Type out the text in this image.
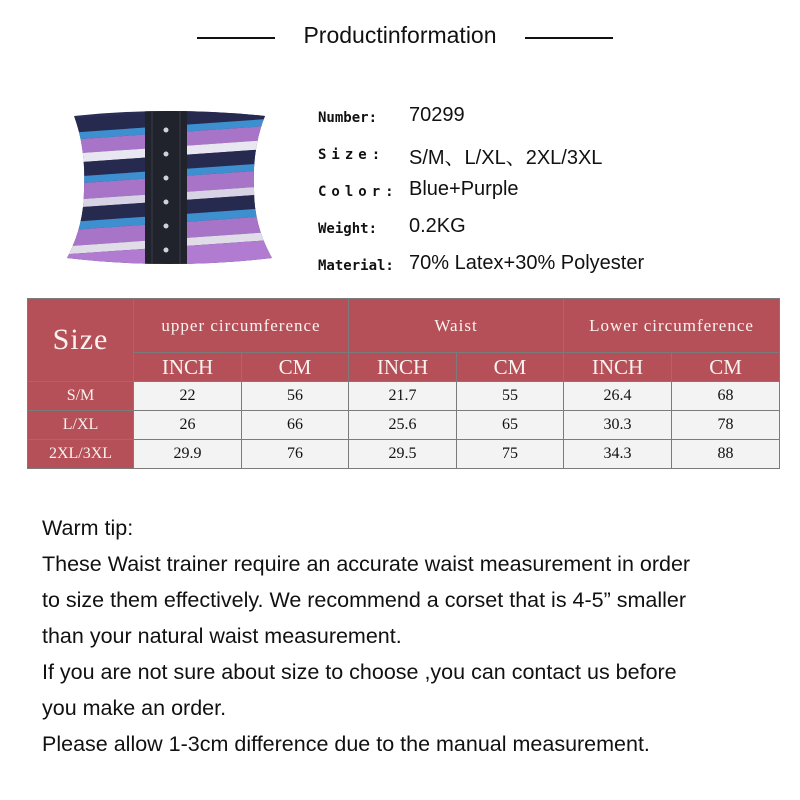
Productinformation
Number: 70299
Size: S/M、L/XL、2XL/3XL
Color: Blue+Purple
Weight: 0.2KG
Material: 70% Latex+30% Polyester
Size	upper circumference		Waist		Lower circumference	
	INCH	CM	INCH	CM	INCH	CM
S/M	22	56	21.7	55	26.4	68
L/XL	26	66	25.6	65	30.3	78
2XL/3XL	29.9	76	29.5	75	34.3	88

Warm tip:

These Waist trainer require an accurate waist measurement in order

to size them effectively. We recommend a corset that is 4-5” smaller

than your natural waist measurement.

If you are not sure about size to choose ,you can contact us before

you make an order.

Please allow 1-3cm difference due to the manual measurement.
